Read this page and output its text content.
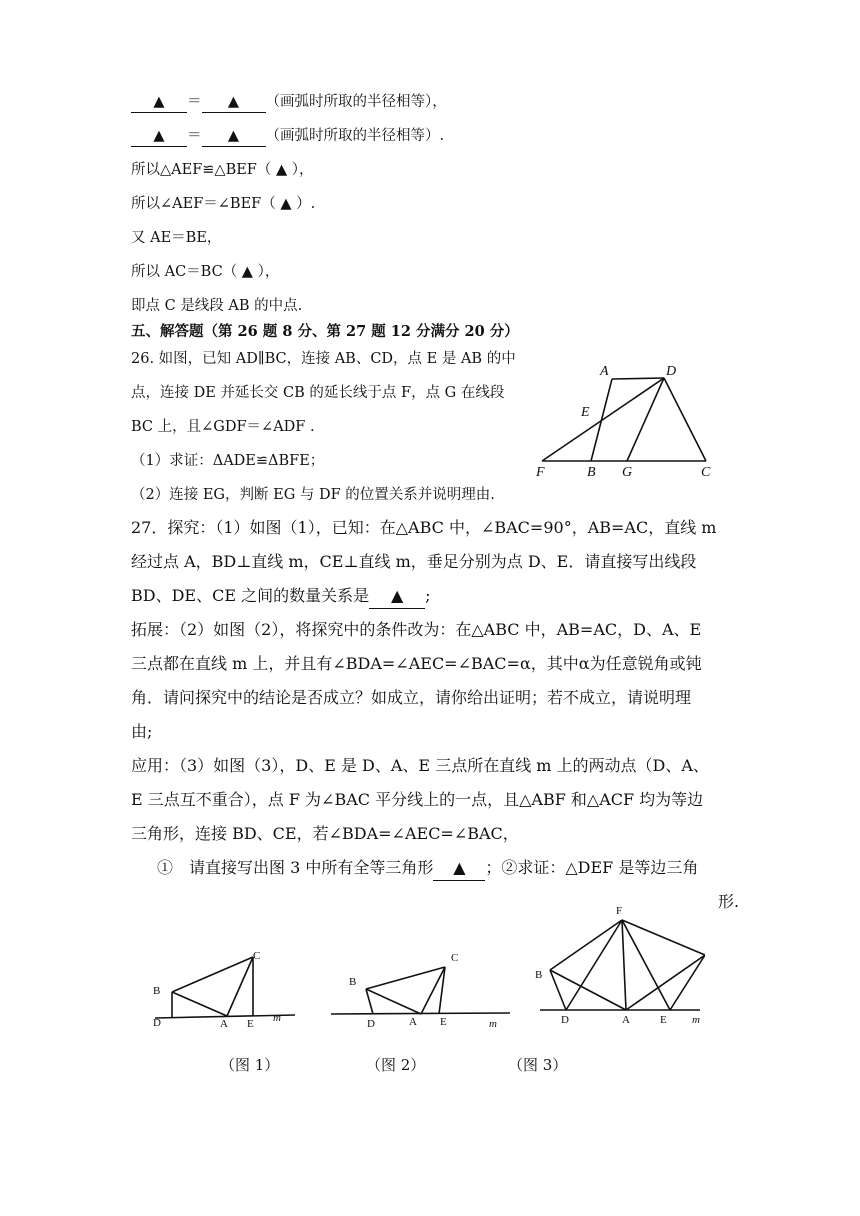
▲ ＝ ▲ （画弧时所取的半径相等），
▲ ＝ ▲ （画弧时所取的半径相等）.
所以△AEF≌△BEF（ ▲ ），
所以∠AEF＝∠BEF（ ▲ ）.
又 AE＝BE，
所以 AC＝BC（ ▲ ），
即点 C 是线段 AB 的中点.
五、解答题（第 26 题 8 分、第 27 题 12 分满分 20 分）
26. 如图，已知 AD∥BC，连接 AB、CD，点 E 是 AB 的中
点，连接 DE 并延长交 CB 的延长线于点 F，点 G 在线段
BC 上，且∠GDF＝∠ADF .
（1）求证：ΔADE≌ΔBFE；
（2）连接 EG，判断 EG 与 DF 的位置关系并说明理由.
A	D
E
F	B G	C
27．探究：（1）如图（1），已知：在△ABC 中，∠BAC=90°，AB=AC，直线 m
经过点 A，BD⊥直线 m，CE⊥直线 m，垂足分别为点 D、E．请直接写出线段
BD、DE、CE 之间的数量关系是 ▲ ;
拓展：（2）如图（2），将探究中的条件改为：在△ABC 中，AB=AC，D、A、E
三点都在直线 m 上，并且有∠BDA=∠AEC=∠BAC=α，其中α为任意锐角或钝
角．请问探究中的结论是否成立？如成立，请你给出证明；若不成立，请说明理
由;
应用：（3）如图（3），D、E 是 D、A、E 三点所在直线 m 上的两动点（D、A、
E 三点互不重合），点 F 为∠BAC 平分线上的一点，且△ABF 和△ACF 均为等边
三角形，连接 BD、CE，若∠BDA=∠AEC=∠BAC，
①　请直接写出图 3 中所有全等三角形 ▲ ；②求证：△DEF 是等边三角
形.
B
C
D	A E m
B
C
D	A E	m
F
B
D	A	E m
（图 1）	（图 2）	（图 3）
